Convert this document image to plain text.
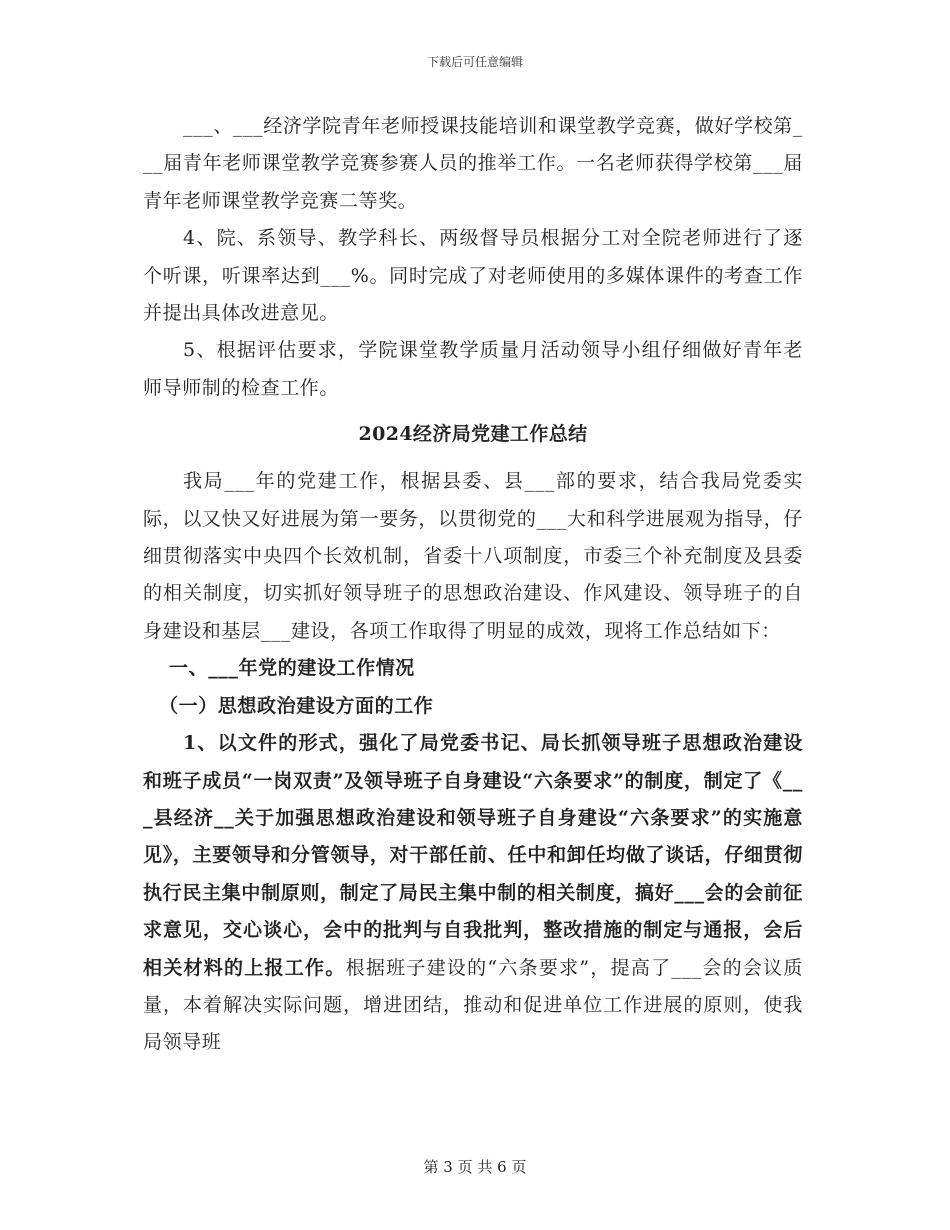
下载后可任意编辑

___、___经济学院青年老师授课技能培训和课堂教学竞赛，做好学校第___届青年老师课堂教学竞赛参赛人员的推举工作。一名老师获得学校第___届青年老师课堂教学竞赛二等奖。

4、院、系领导、教学科长、两级督导员根据分工对全院老师进行了逐个听课，听课率达到___%。同时完成了对老师使用的多媒体课件的考查工作并提出具体改进意见。

5、根据评估要求，学院课堂教学质量月活动领导小组仔细做好青年老师导师制的检查工作。

2024经济局党建工作总结

我局___年的党建工作，根据县委、县___部的要求，结合我局党委实际，以又快又好进展为第一要务，以贯彻党的___大和科学进展观为指导，仔细贯彻落实中央四个长效机制，省委十八项制度，市委三个补充制度及县委的相关制度，切实抓好领导班子的思想政治建设、作风建设、领导班子的自身建设和基层___建设，各项工作取得了明显的成效，现将工作总结如下：

一、___年党的建设工作情况

（一）思想政治建设方面的工作

1、以文件的形式，强化了局党委书记、局长抓领导班子思想政治建设和班子成员“一岗双责”及领导班子自身建设“六条要求”的制度，制定了《___县经济__关于加强思想政治建设和领导班子自身建设“六条要求”的实施意见》，主要领导和分管领导，对干部任前、任中和卸任均做了谈话，仔细贯彻执行民主集中制原则，制定了局民主集中制的相关制度，搞好___会的会前征求意见，交心谈心，会中的批判与自我批判，整改措施的制定与通报，会后相关材料的上报工作。根据班子建设的“六条要求”，提高了___会的会议质量，本着解决实际问题，增进团结，推动和促进单位工作进展的原则，使我局领导班

第 3 页 共 6 页
